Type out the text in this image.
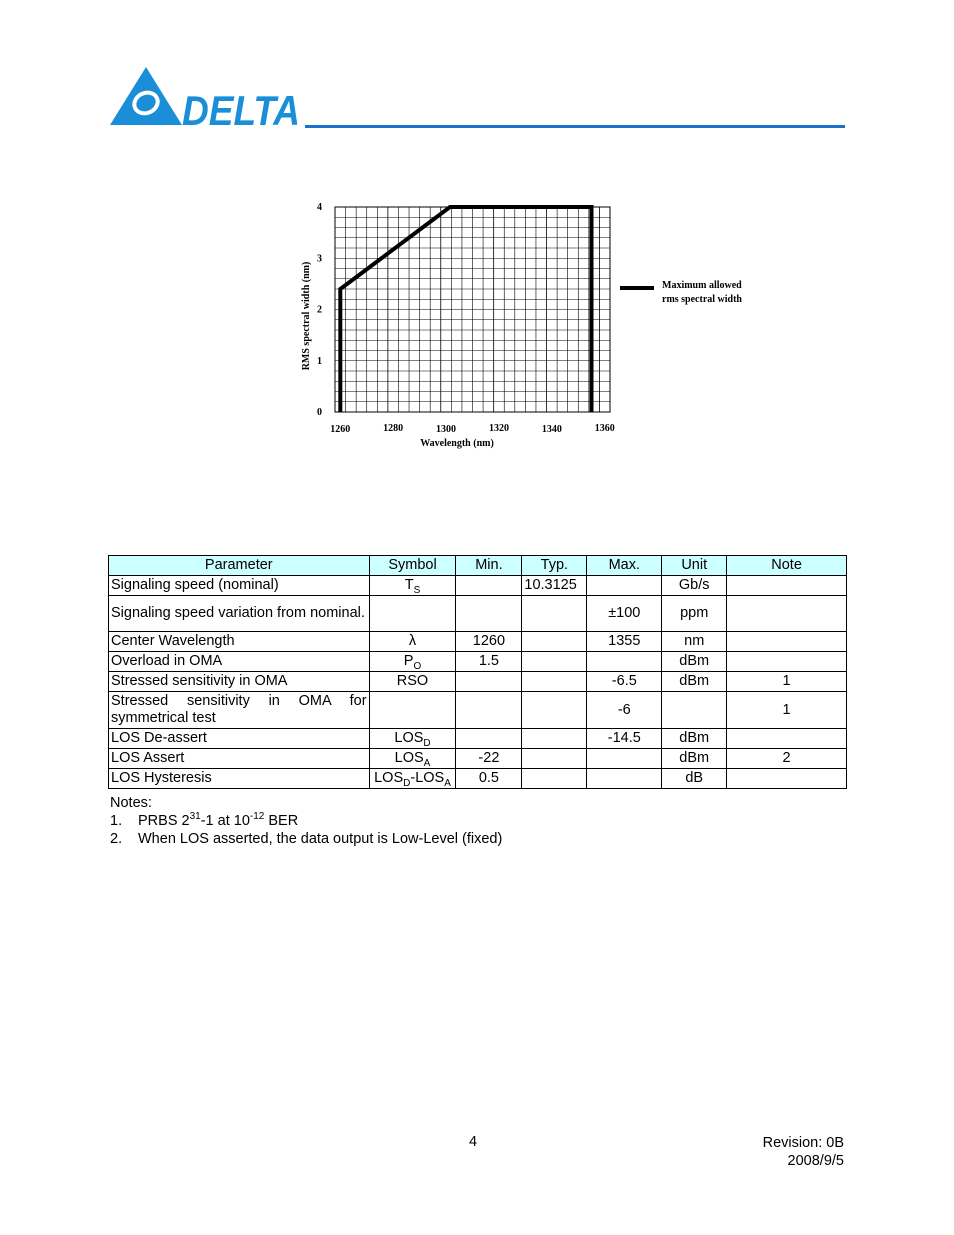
DELTA
1260	1280	1300	1320	1340	1360
0
1
2
3
4
Wavelength (nm)
RMS spectral width (nm)	Maximum allowed
rms spectral width
Parameter	Symbol	Min.	Typ.	Max.	Unit	Note
Signaling speed (nominal)	$T_S$		10.3125		Gb/s	
Signaling speed variation from nominal.				±100	ppm	
Center Wavelength	λ	1260		1355	nm	
Overload in OMA	$P_O$	1.5			dBm	
Stressed sensitivity in OMA	RSO			-6.5	dBm	1
Stressed sensitivity in OMA for symmetrical test				-6		1
LOS De-assert	$LOS_D$			-14.5	dBm	
LOS Assert	$LOS_A$	-22			dBm	2
LOS Hysteresis	$LOS_D-LOS_A$	0.5			dB	
Notes:
1.	PRBS $2^{31}-1$ at $10^{-12}$ BER
2.	When LOS asserted, the data output is Low-Level (fixed)
4	Revision: 0B
2008/9/5
